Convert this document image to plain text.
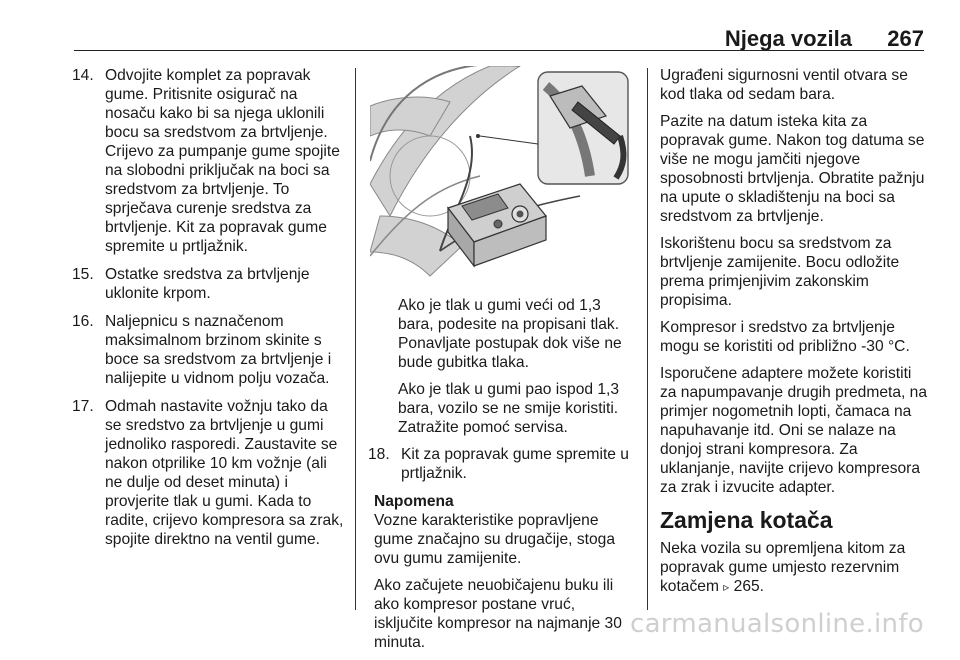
Njega vozila 267
14. Odvojite komplet za popravak gume. Pritisnite osigurač na nosaču kako bi sa njega uklonili bocu sa sredstvom za brtvljenje. Crijevo za pumpanje gume spojite na slobodni priključak na boci sa sredstvom za brtvljenje. To sprječava curenje sredstva za brtvljenje. Kit za popravak gume spremite u prtljažnik.
15. Ostatke sredstva za brtvljenje uklonite krpom.
16. Naljepnicu s naznačenom maksimalnom brzinom skinite s boce sa sredstvom za brtvljenje i nalijepite u vidnom polju vozača.
17. Odmah nastavite vožnju tako da se sredstvo za brtvljenje u gumi jednoliko rasporedi. Zaustavite se nakon otprilike 10 km vožnje (ali ne dulje od deset minuta) i provjerite tlak u gumi. Kada to radite, crijevo kompresora sa zrak, spojite direktno na ventil gume.

Ako je tlak u gumi veći od 1,3 bara, podesite na propisani tlak. Ponavljate postupak dok više ne bude gubitka tlaka.

Ako je tlak u gumi pao ispod 1,3 bara, vozilo se ne smije koristiti. Zatražite pomoć servisa.

18. Kit za popravak gume spremite u prtljažnik.

Napomena

Vozne karakteristike popravljene gume značajno su drugačije, stoga ovu gumu zamijenite.

Ako začujete neuobičajenu buku ili ako kompresor postane vruć, isključite kompresor na najmanje 30 minuta.

Ugrađeni sigurnosni ventil otvara se kod tlaka od sedam bara.

Pazite na datum isteka kita za popravak gume. Nakon tog datuma se više ne mogu jamčiti njegove sposobnosti brtvljenja. Obratite pažnju na upute o skladištenju na boci sa sredstvom za brtvljenje.

Iskorištenu bocu sa sredstvom za brtvljenje zamijenite. Bocu odložite prema primjenjivim zakonskim propisima.

Kompresor i sredstvo za brtvljenje mogu se koristiti od približno -30 °C.

Isporučene adaptere možete koristiti za napumpavanje drugih predmeta, na primjer nogometnih lopti, čamaca na napuhavanje itd. Oni se nalaze na donjoj strani kompresora. Za uklanjanje, navijte crijevo kompresora za zrak i izvucite adapter.

Zamjena kotača

Neka vozila su opremljena kitom za popravak gume umjesto rezervnim kotačem ▹ 265.

carmanualsonline.info
